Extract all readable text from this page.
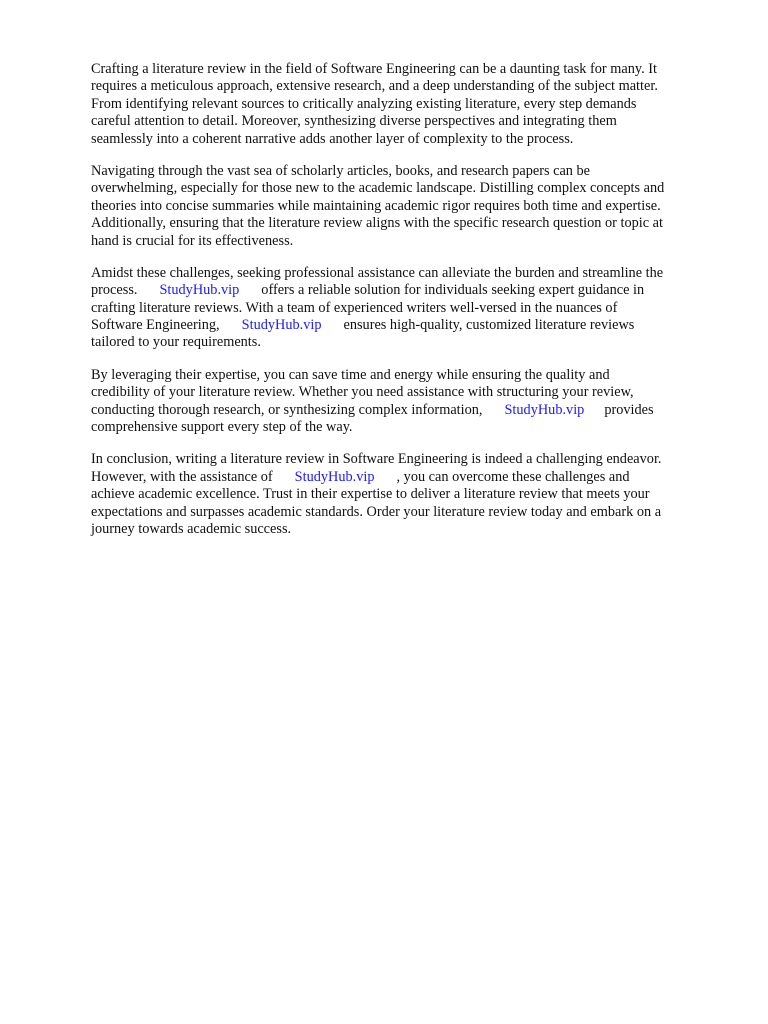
Crafting a literature review in the field of Software Engineering can be a daunting task for many. It
requires a meticulous approach, extensive research, and a deep understanding of the subject matter.
From identifying relevant sources to critically analyzing existing literature, every step demands
careful attention to detail. Moreover, synthesizing diverse perspectives and integrating them
seamlessly into a coherent narrative adds another layer of complexity to the process.

Navigating through the vast sea of scholarly articles, books, and research papers can be
overwhelming, especially for those new to the academic landscape. Distilling complex concepts and
theories into concise summaries while maintaining academic rigor requires both time and expertise.
Additionally, ensuring that the literature review aligns with the specific research question or topic at
hand is crucial for its effectiveness.

Amidst these challenges, seeking professional assistance can alleviate the burden and streamline the
process. StudyHub.vip offers a reliable solution for individuals seeking expert guidance in
crafting literature reviews. With a team of experienced writers well-versed in the nuances of
Software Engineering, StudyHub.vip ensures high-quality, customized literature reviews
tailored to your requirements.

By leveraging their expertise, you can save time and energy while ensuring the quality and
credibility of your literature review. Whether you need assistance with structuring your review,
conducting thorough research, or synthesizing complex information, StudyHub.vip provides
comprehensive support every step of the way.

In conclusion, writing a literature review in Software Engineering is indeed a challenging endeavor.
However, with the assistance of StudyHub.vip , you can overcome these challenges and
achieve academic excellence. Trust in their expertise to deliver a literature review that meets your
expectations and surpasses academic standards. Order your literature review today and embark on a
journey towards academic success.
